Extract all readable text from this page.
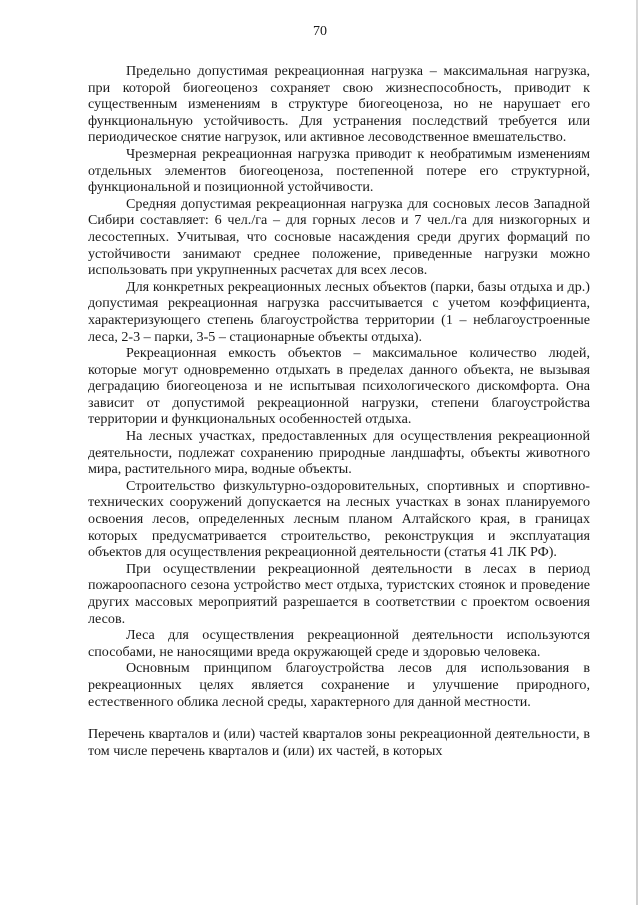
70

Предельно допустимая рекреационная нагрузка – максимальная нагрузка, при которой биогеоценоз сохраняет свою жизнеспособность, приводит к существенным изменениям в структуре биогеоценоза, но не нарушает его функциональную устойчивость. Для устранения последствий требуется или периодическое снятие нагрузок, или активное лесоводственное вмешательство.

Чрезмерная рекреационная нагрузка приводит к необратимым изменениям отдельных элементов биогеоценоза, постепенной потере его структурной, функциональной и позиционной устойчивости.

Средняя допустимая рекреационная нагрузка для сосновых лесов Западной Сибири составляет: 6 чел./га – для горных лесов и 7 чел./га для низкогорных и лесостепных. Учитывая, что сосновые насаждения среди других формаций по устойчивости занимают среднее положение, приведенные нагрузки можно использовать при укрупненных расчетах для всех лесов.

Для конкретных рекреационных лесных объектов (парки, базы отдыха и др.) допустимая рекреационная нагрузка рассчитывается с учетом коэффициента, характеризующего степень благоустройства территории (1 – неблагоустроенные леса, 2-3 – парки, 3-5 – стационарные объекты отдыха).

Рекреационная емкость объектов – максимальное количество людей, которые могут одновременно отдыхать в пределах данного объекта, не вызывая деградацию биогеоценоза и не испытывая психологического дискомфорта. Она зависит от допустимой рекреационной нагрузки, степени благоустройства территории и функциональных особенностей отдыха.

На лесных участках, предоставленных для осуществления рекреационной деятельности, подлежат сохранению природные ландшафты, объекты животного мира, растительного мира, водные объекты.

Строительство физкультурно-оздоровительных, спортивных и спортивно-технических сооружений допускается на лесных участках в зонах планируемого освоения лесов, определенных лесным планом Алтайского края, в границах которых предусматривается строительство, реконструкция и эксплуатация объектов для осуществления рекреационной деятельности (статья 41 ЛК РФ).

При осуществлении рекреационной деятельности в лесах в период пожароопасного сезона устройство мест отдыха, туристских стоянок и проведение других массовых мероприятий разрешается в соответствии с проектом освоения лесов.

Леса для осуществления рекреационной деятельности используются способами, не наносящими вреда окружающей среде и здоровью человека.

Основным принципом благоустройства лесов для использования в рекреационных целях является сохранение и улучшение природного, естественного облика лесной среды, характерного для данной местности.

Перечень кварталов и (или) частей кварталов зоны рекреационной деятельности, в том числе перечень кварталов и (или) их частей, в которых
